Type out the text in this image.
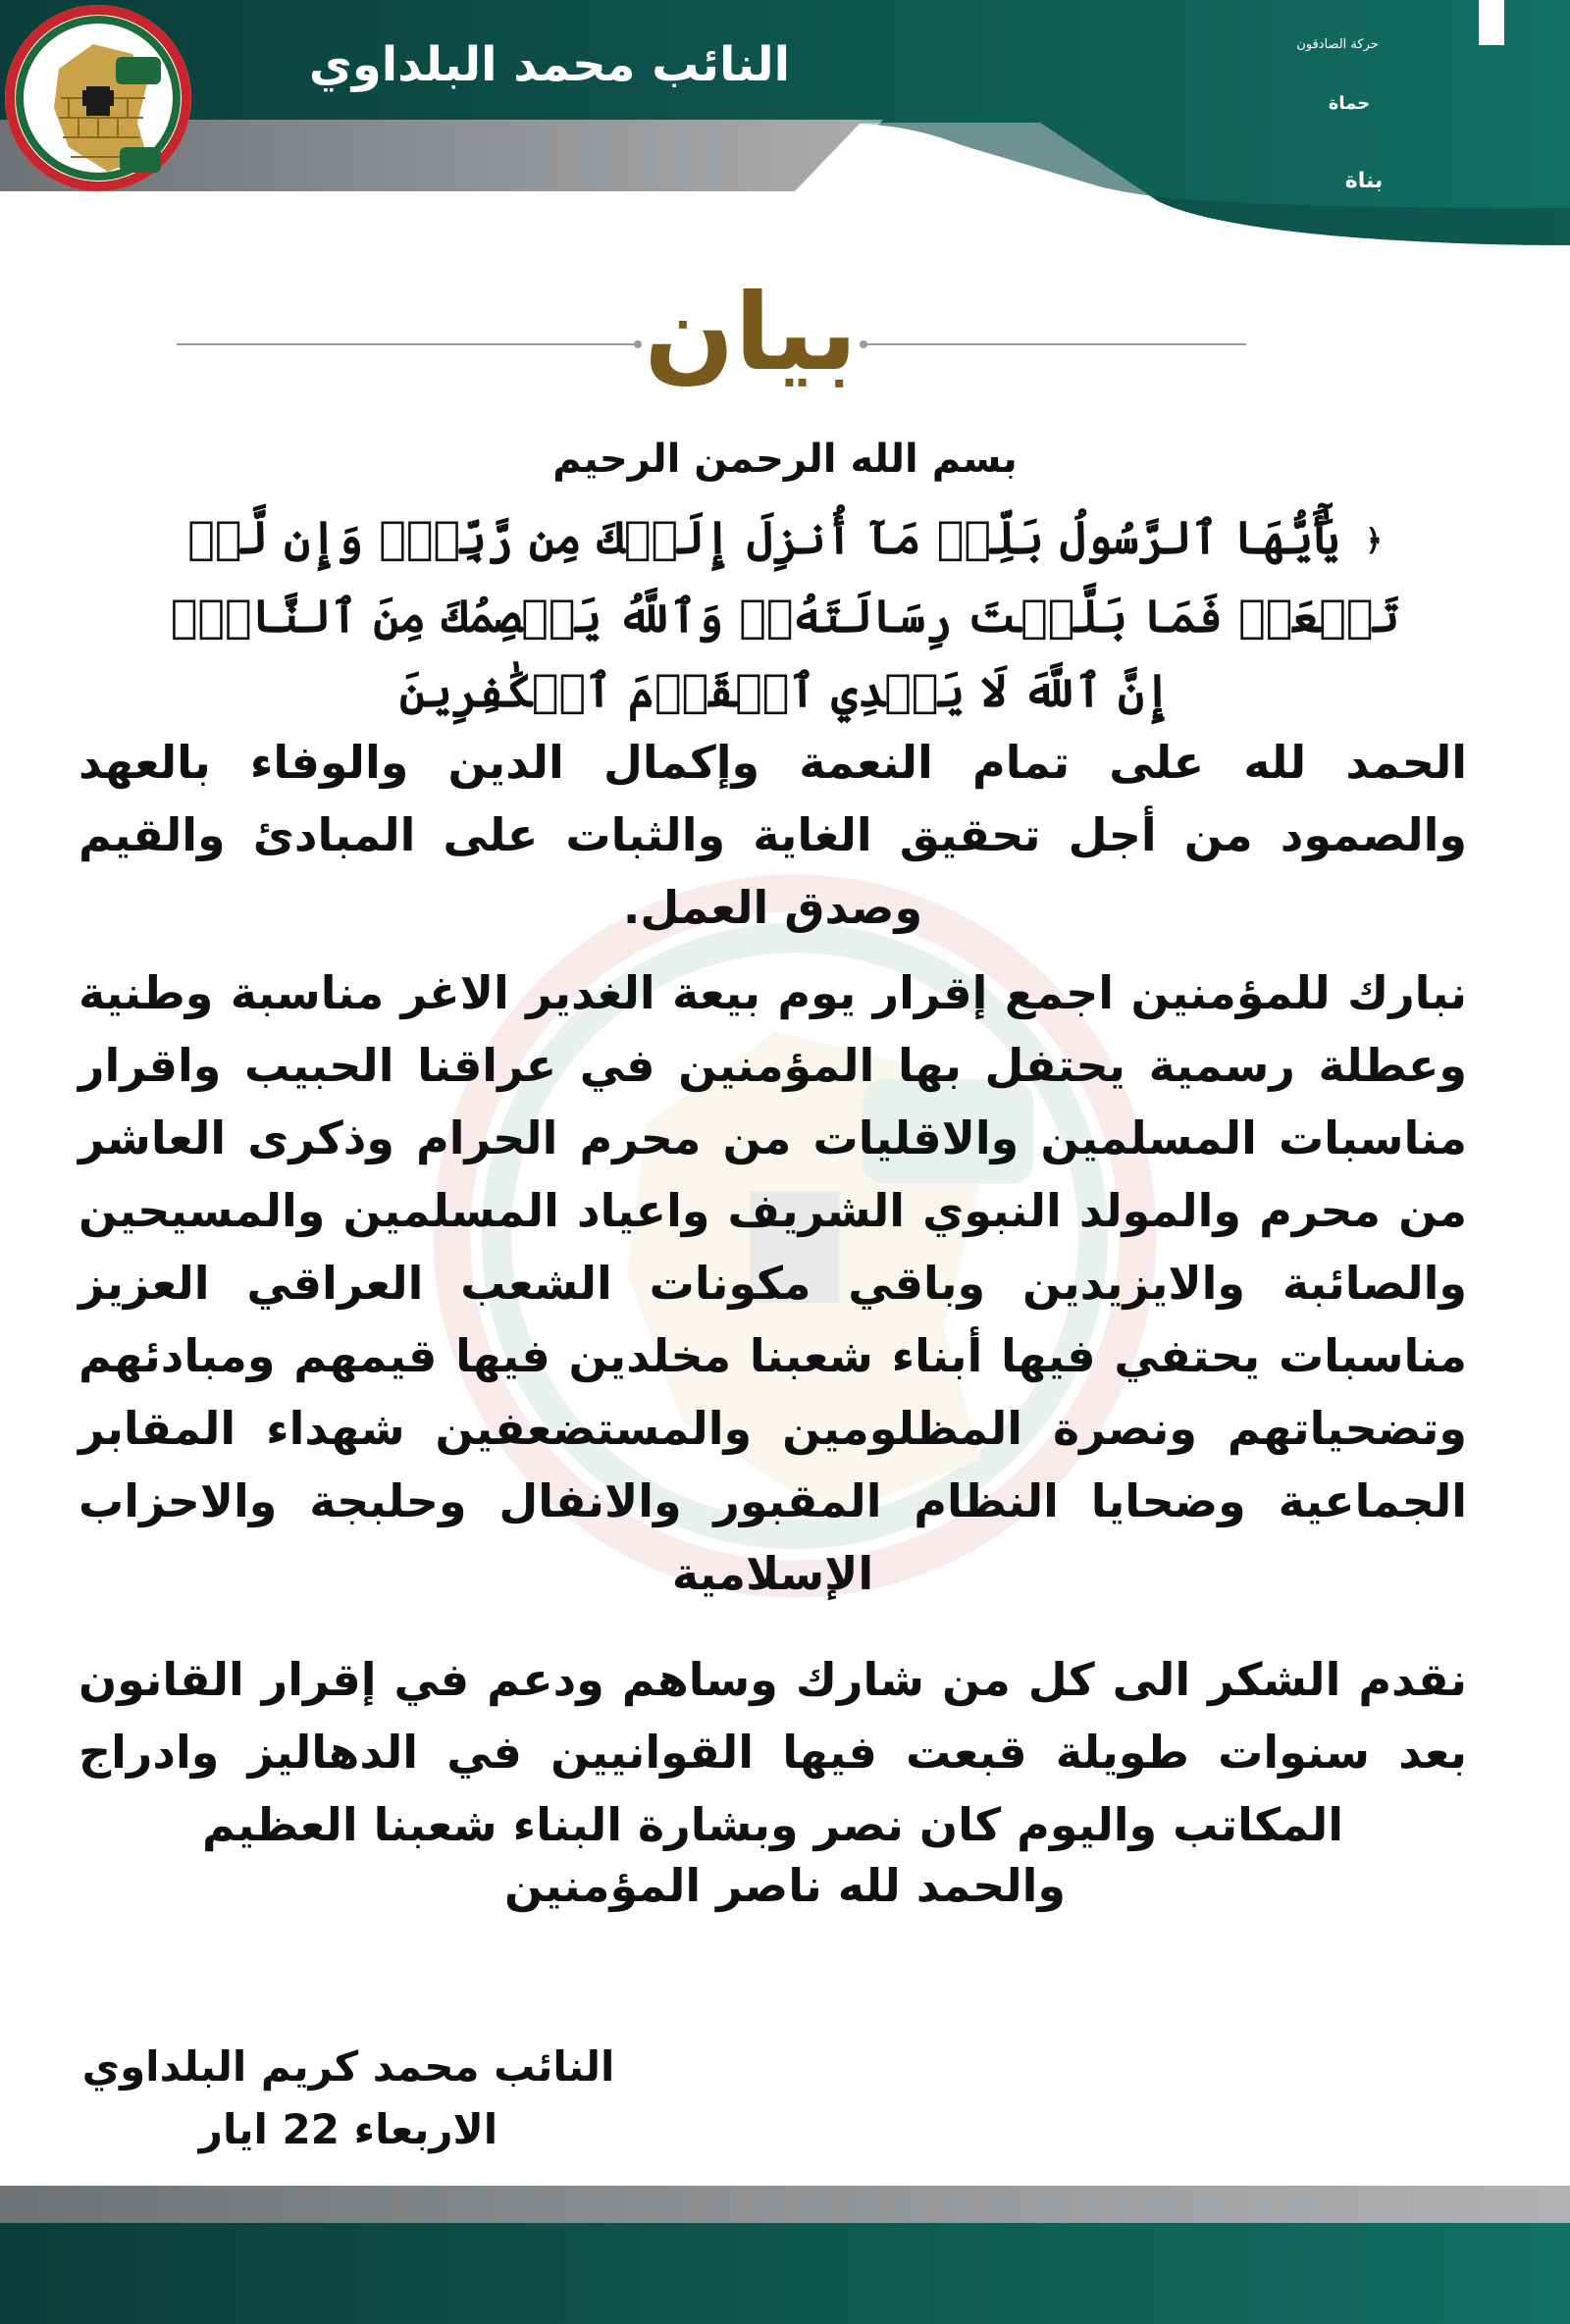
النائب محمد البلداوي	حركة الصادقون
حماة
بناة
بيان
بسم الله الرحمن الرحيم
﴿ يَٰٓأَيُّهَا ٱلرَّسُولُ بَلِّغۡ مَآ أُنزِلَ إِلَيۡكَ مِن رَّبِّكَۖ وَإِن لَّمۡ تَفۡعَلۡ فَمَا بَلَّغۡتَ رِسَالَتَهُۥۚ وَٱللَّهُ يَعۡصِمُكَ مِنَ ٱلنَّاسِۗ إِنَّ ٱللَّهَ لَا يَهۡدِي ٱلۡقَوۡمَ ٱلۡكَٰفِرِينَ
الحمد لله على تمام النعمة وإكمال الدين والوفاء بالعهد والصمود من أجل تحقيق الغاية والثبات على المبادئ والقيم وصدق العمل.
نبارك للمؤمنين اجمع إقرار يوم بيعة الغدير الاغر مناسبة وطنية وعطلة رسمية يحتفل بها المؤمنين في عراقنا الحبيب واقرار مناسبات المسلمين والاقليات من محرم الحرام وذكرى العاشر من محرم والمولد النبوي الشريف واعياد المسلمين والمسيحين والصائبة والايزيدين وباقي مكونات الشعب العراقي العزيز مناسبات يحتفي فيها أبناء شعبنا مخلدين فيها قيمهم ومبادئهم وتضحياتهم ونصرة المظلومين والمستضعفين شهداء المقابر الجماعية وضحايا النظام المقبور والانفال وحلبجة والاحزاب الإسلامية
نقدم الشكر الى كل من شارك وساهم ودعم في إقرار القانون بعد سنوات طويلة قبعت فيها القوانيين في الدهاليز وادراج المكاتب واليوم كان نصر وبشارة البناء شعبنا العظيم
والحمد لله ناصر المؤمنين
النائب محمد كريم البلداوي
الاربعاء 22 ايار
